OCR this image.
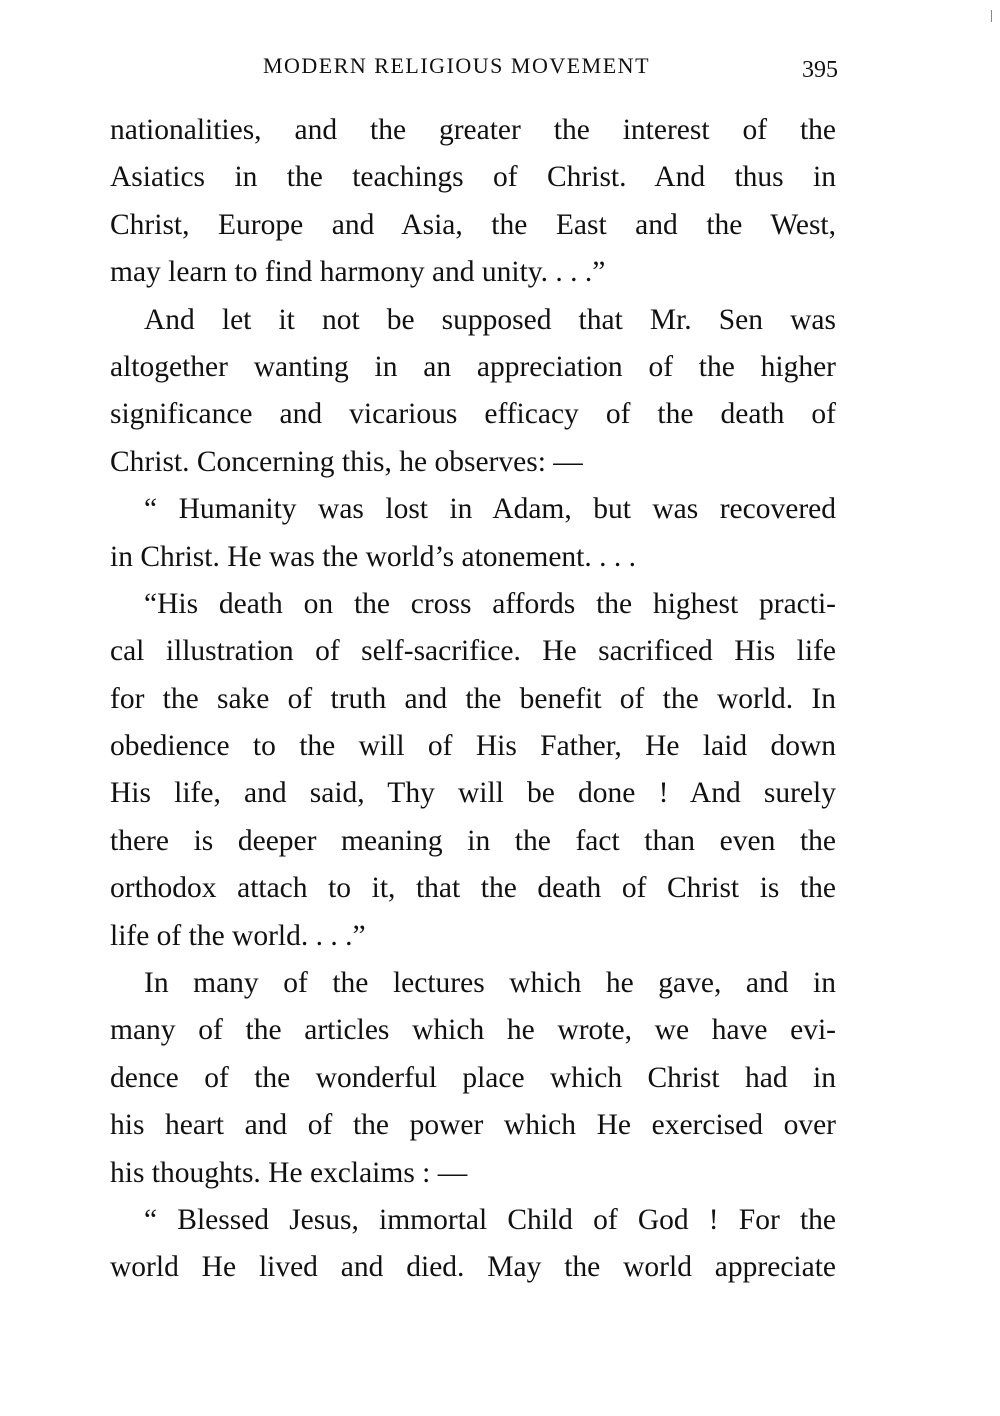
MODERN RELIGIOUS MOVEMENT	395
nationalities, and the greater the interest of the
Asiatics in the teachings of Christ. And thus in
Christ, Europe and Asia, the East and the West,
may learn to find harmony and unity. . . .”
And let it not be supposed that Mr. Sen was
altogether wanting in an appreciation of the higher
significance and vicarious efficacy of the death of
Christ. Concerning this, he observes: —
“ Humanity was lost in Adam, but was recovered
in Christ. He was the world’s atonement. . . .
“His death on the cross affords the highest practi-
cal illustration of self-sacrifice. He sacrificed His life
for the sake of truth and the benefit of the world. In
obedience to the will of His Father, He laid down
His life, and said, Thy will be done ! And surely
there is deeper meaning in the fact than even the
orthodox attach to it, that the death of Christ is the
life of the world. . . .”
In many of the lectures which he gave, and in
many of the articles which he wrote, we have evi-
dence of the wonderful place which Christ had in
his heart and of the power which He exercised over
his thoughts. He exclaims : —
“ Blessed Jesus, immortal Child of God ! For the
world He lived and died. May the world appreciate
